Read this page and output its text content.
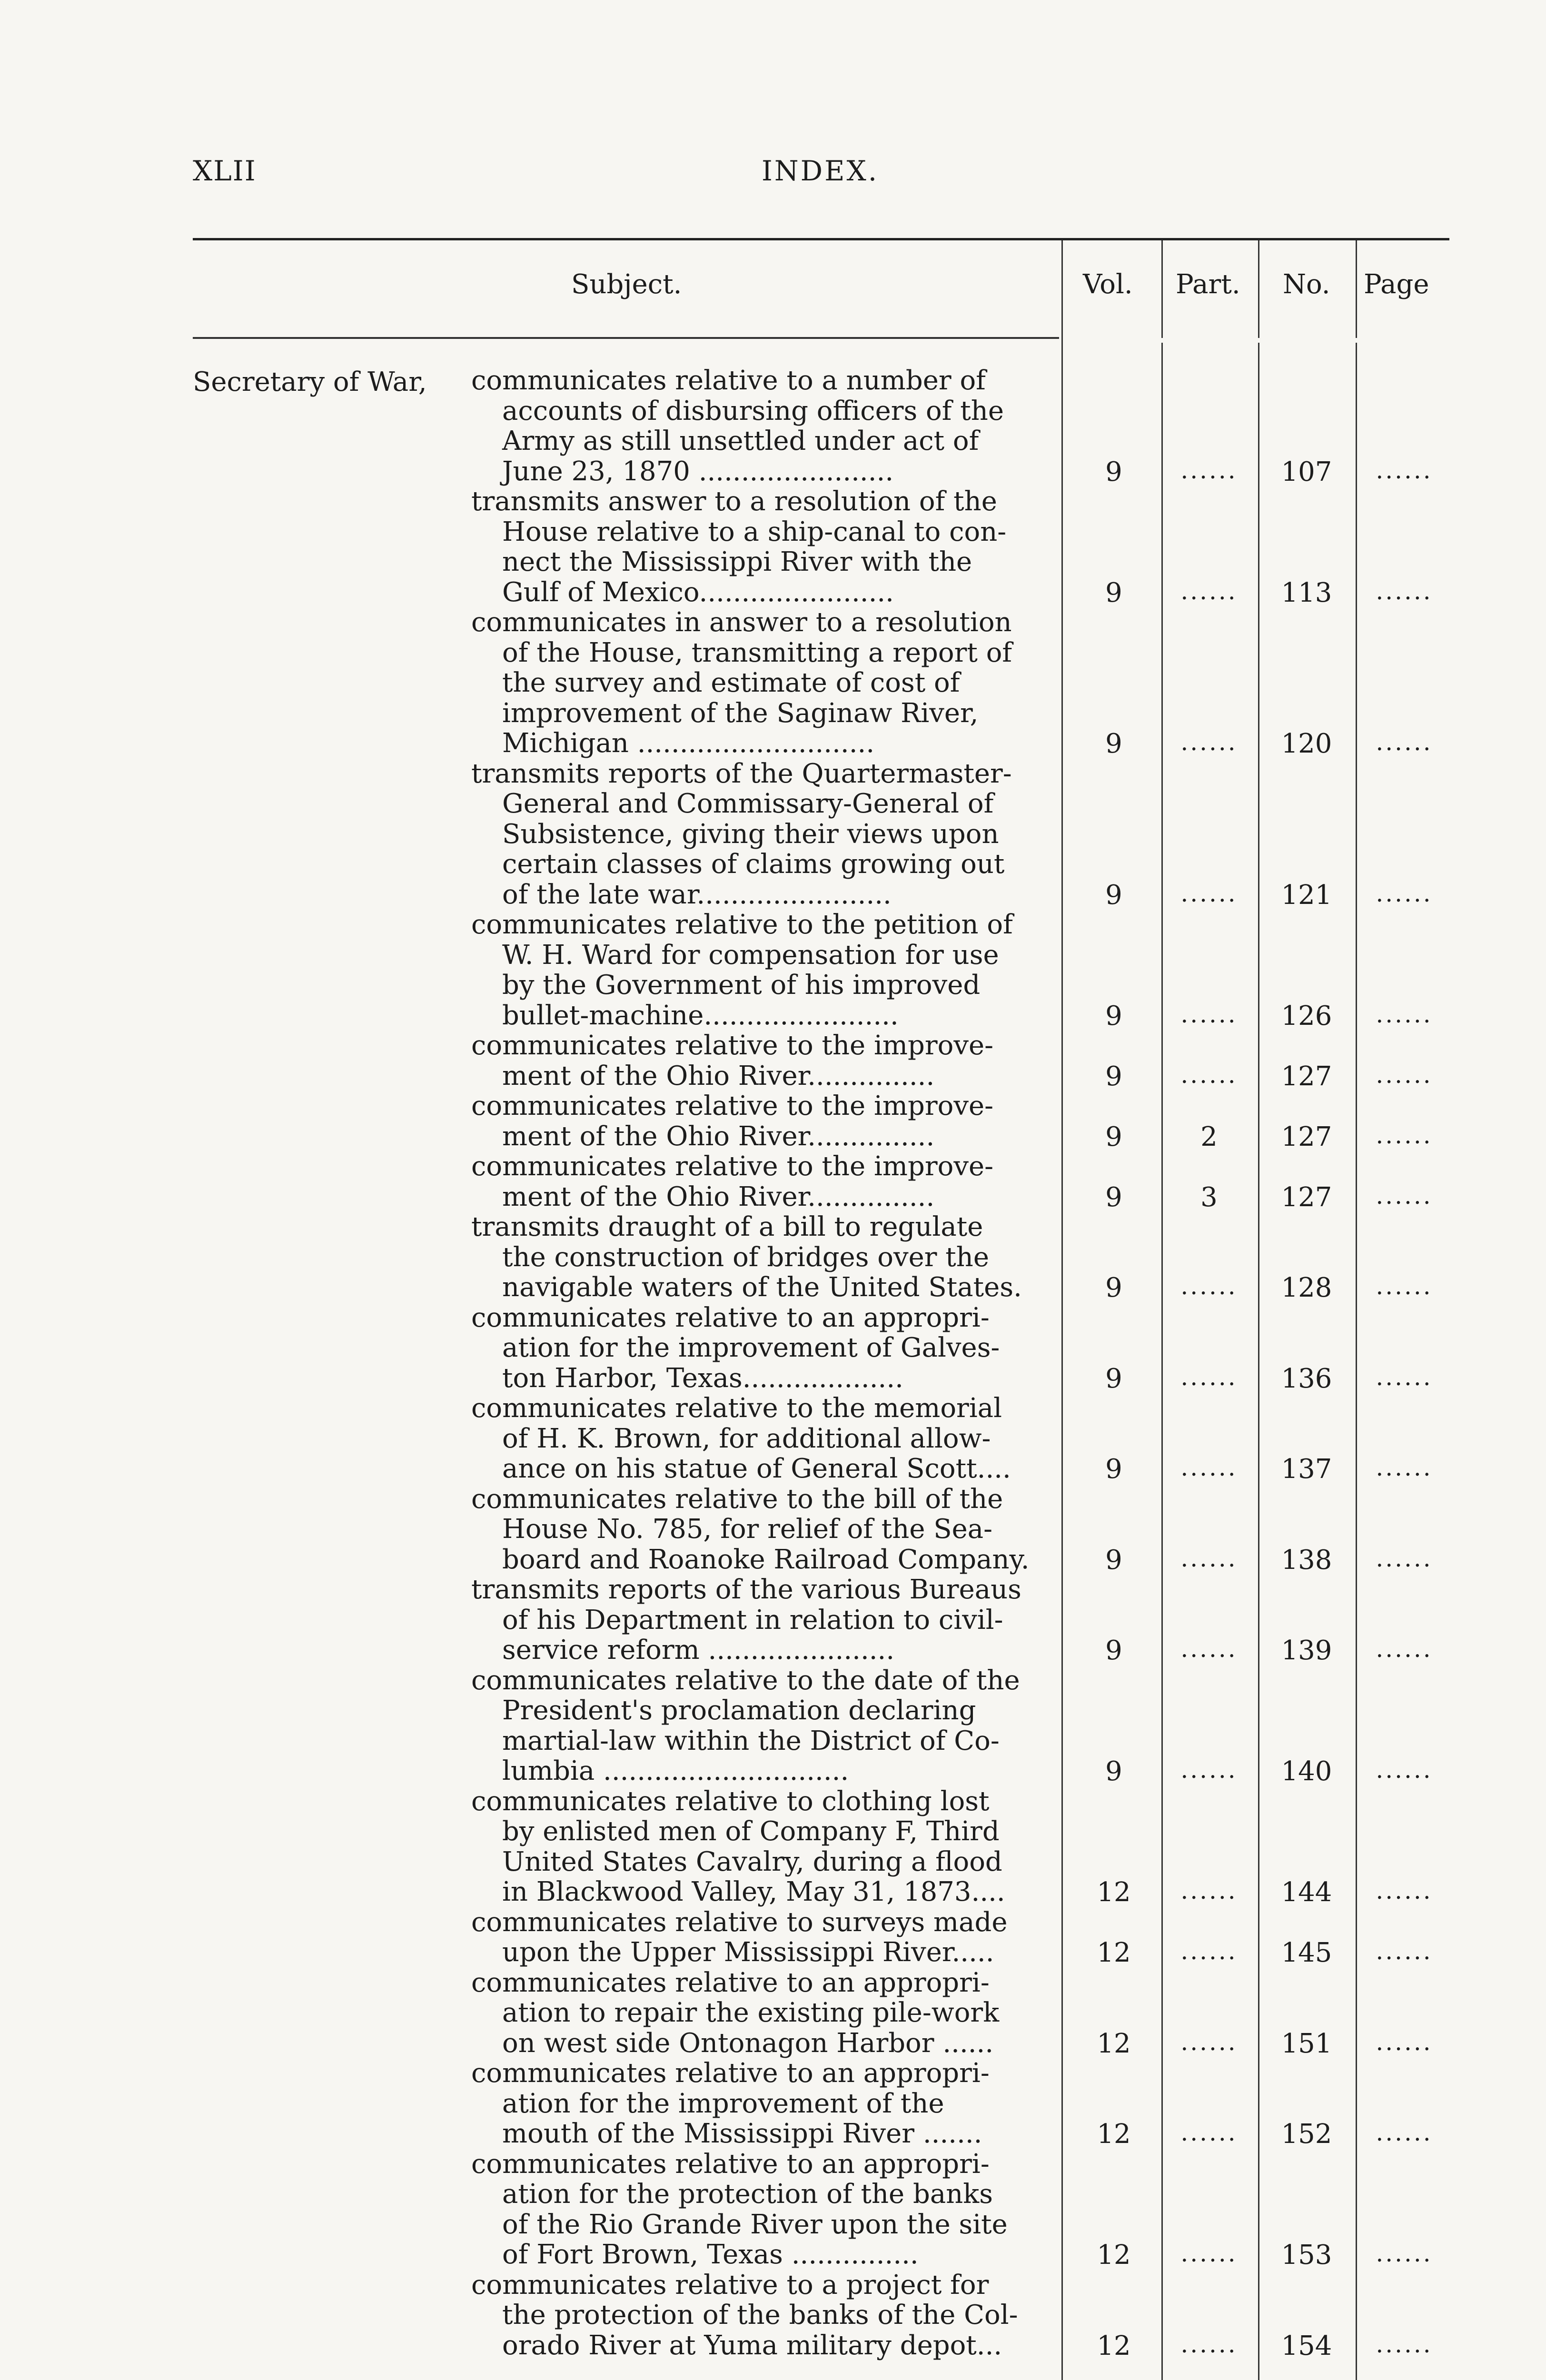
XLII	INDEX.
Subject.	Vol. Part. No. Page
Secretary of War, communicates relative to a number of
accounts of disbursing officers of the
Army as still unsettled under act of
June 23, 1870 .......................	9	......	107	......
transmits answer to a resolution of the
House relative to a ship-canal to con-
nect the Mississippi River with the
Gulf of Mexico.......................	9	......	113	......
communicates in answer to a resolution
of the House, transmitting a report of
the survey and estimate of cost of
improvement of the Saginaw River,
Michigan ............................	9	......	120	......
transmits reports of the Quartermaster-
General and Commissary-General of
Subsistence, giving their views upon
certain classes of claims growing out
of the late war.......................	9	......	121	......
communicates relative to the petition of
W. H. Ward for compensation for use
by the Government of his improved
bullet-machine.......................	9	......	126	......
communicates relative to the improve-
ment of the Ohio River...............	9	......	127	......
communicates relative to the improve-
ment of the Ohio River...............	9	2	127	......
communicates relative to the improve-
ment of the Ohio River...............	9	3	127	......
transmits draught of a bill to regulate
the construction of bridges over the
navigable waters of the United States.	9	......	128	......
communicates relative to an appropri-
ation for the improvement of Galves-
ton Harbor, Texas...................	9	......	136	......
communicates relative to the memorial
of H. K. Brown, for additional allow-
ance on his statue of General Scott....	9	......	137	......
communicates relative to the bill of the
House No. 785, for relief of the Sea-
board and Roanoke Railroad Company.	9	......	138	......
transmits reports of the various Bureaus
of his Department in relation to civil-
service reform ......................	9	......	139	......
communicates relative to the date of the
President's proclamation declaring
martial-law within the District of Co-
lumbia .............................	9	......	140	......
communicates relative to clothing lost
by enlisted men of Company F, Third
United States Cavalry, during a flood
in Blackwood Valley, May 31, 1873....	12	......	144	......
communicates relative to surveys made
upon the Upper Mississippi River.....	12	......	145	......
communicates relative to an appropri-
ation to repair the existing pile-work
on west side Ontonagon Harbor ......	12	......	151	......
communicates relative to an appropri-
ation for the improvement of the
mouth of the Mississippi River .......	12	......	152	......
communicates relative to an appropri-
ation for the protection of the banks
of the Rio Grande River upon the site
of Fort Brown, Texas ...............	12	......	153	......
communicates relative to a project for
the protection of the banks of the Col-
orado River at Yuma military depot...	12	......	154	......
